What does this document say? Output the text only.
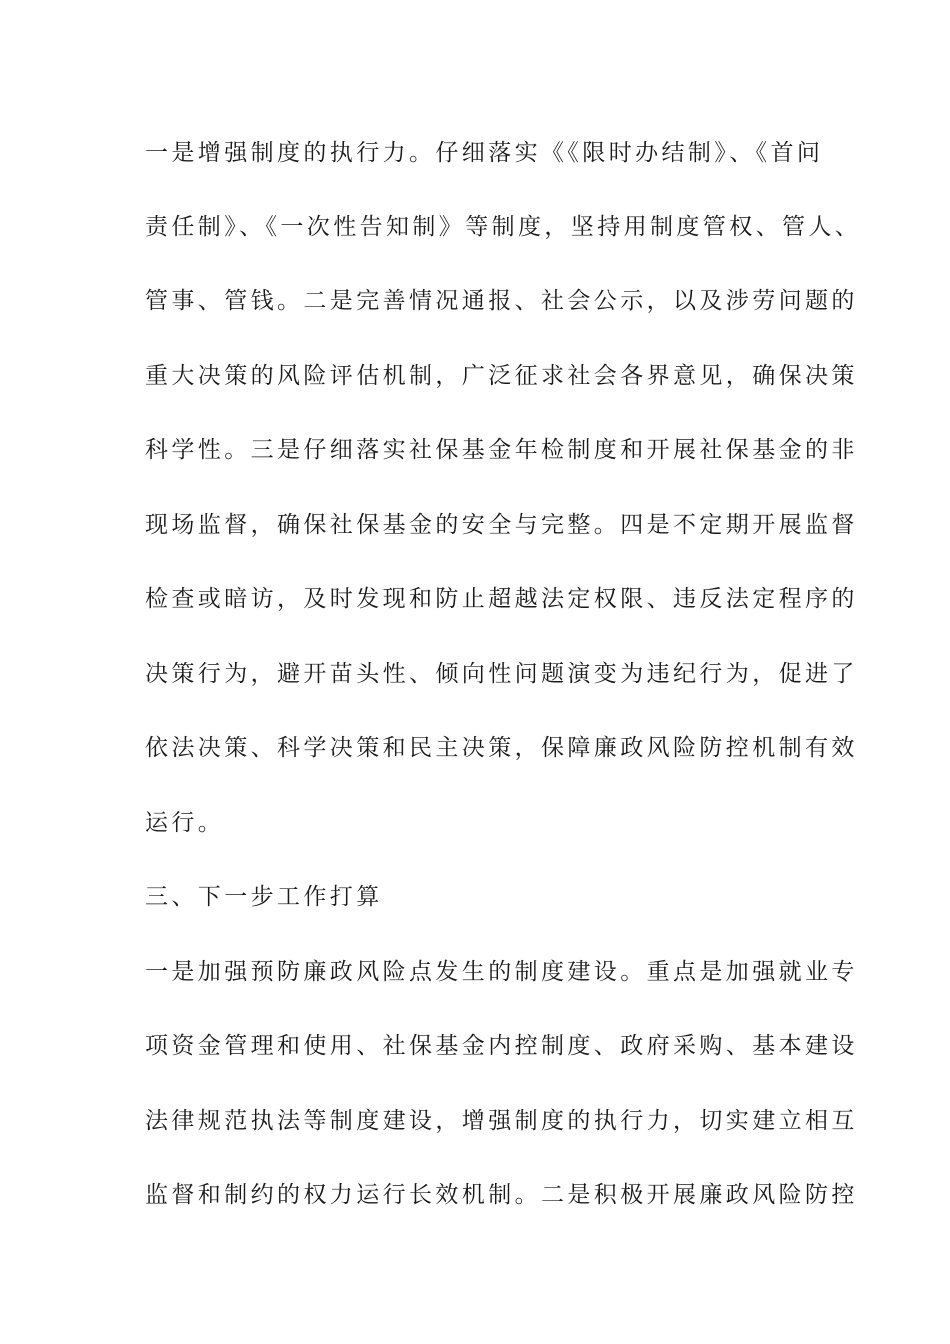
一是增强制度的执行力。仔细落实《《限时办结制》、《首问
责任制》、《一次性告知制》等制度，坚持用制度管权、管人、
管事、管钱。二是完善情况通报、社会公示，以及涉劳问题的
重大决策的风险评估机制，广泛征求社会各界意见，确保决策
科学性。三是仔细落实社保基金年检制度和开展社保基金的非
现场监督，确保社保基金的安全与完整。四是不定期开展监督
检查或暗访，及时发现和防止超越法定权限、违反法定程序的
决策行为，避开苗头性、倾向性问题演变为违纪行为，促进了
依法决策、科学决策和民主决策，保障廉政风险防控机制有效
运行。
三、下一步工作打算
一是加强预防廉政风险点发生的制度建设。重点是加强就业专
项资金管理和使用、社保基金内控制度、政府采购、基本建设
法律规范执法等制度建设，增强制度的执行力，切实建立相互
监督和制约的权力运行长效机制。二是积极开展廉政风险防控
